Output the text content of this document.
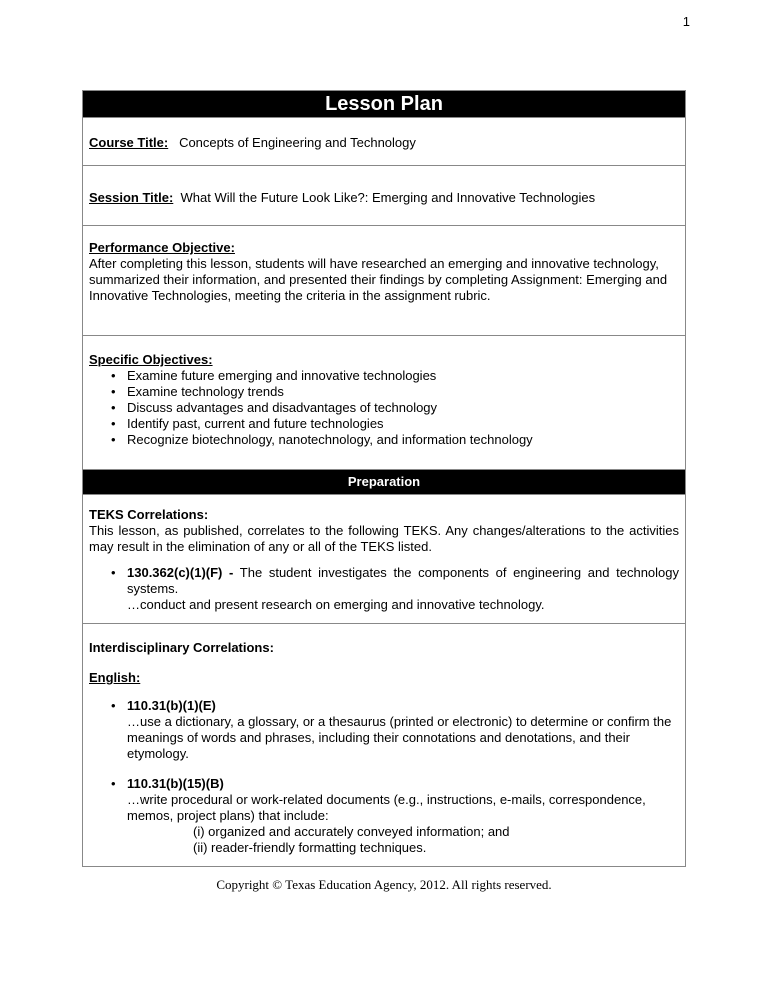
1
Lesson Plan
Course Title: Concepts of Engineering and Technology
Session Title: What Will the Future Look Like?: Emerging and Innovative Technologies
Performance Objective:
After completing this lesson, students will have researched an emerging and innovative technology, summarized their information, and presented their findings by completing Assignment: Emerging and Innovative Technologies, meeting the criteria in the assignment rubric.
Specific Objectives:
• Examine future emerging and innovative technologies
• Examine technology trends
• Discuss advantages and disadvantages of technology
• Identify past, current and future technologies
• Recognize biotechnology, nanotechnology, and information technology
Preparation
TEKS Correlations:
This lesson, as published, correlates to the following TEKS. Any changes/alterations to the activities may result in the elimination of any or all of the TEKS listed.
• 130.362(c)(1)(F) - The student investigates the components of engineering and technology systems.
…conduct and present research on emerging and innovative technology.
Interdisciplinary Correlations:
English:
• 110.31(b)(1)(E)
…use a dictionary, a glossary, or a thesaurus (printed or electronic) to determine or confirm the meanings of words and phrases, including their connotations and denotations, and their etymology.
• 110.31(b)(15)(B)
…write procedural or work-related documents (e.g., instructions, e-mails, correspondence, memos, project plans) that include:
(i) organized and accurately conveyed information; and
(ii) reader-friendly formatting techniques.
Copyright © Texas Education Agency, 2012. All rights reserved.
